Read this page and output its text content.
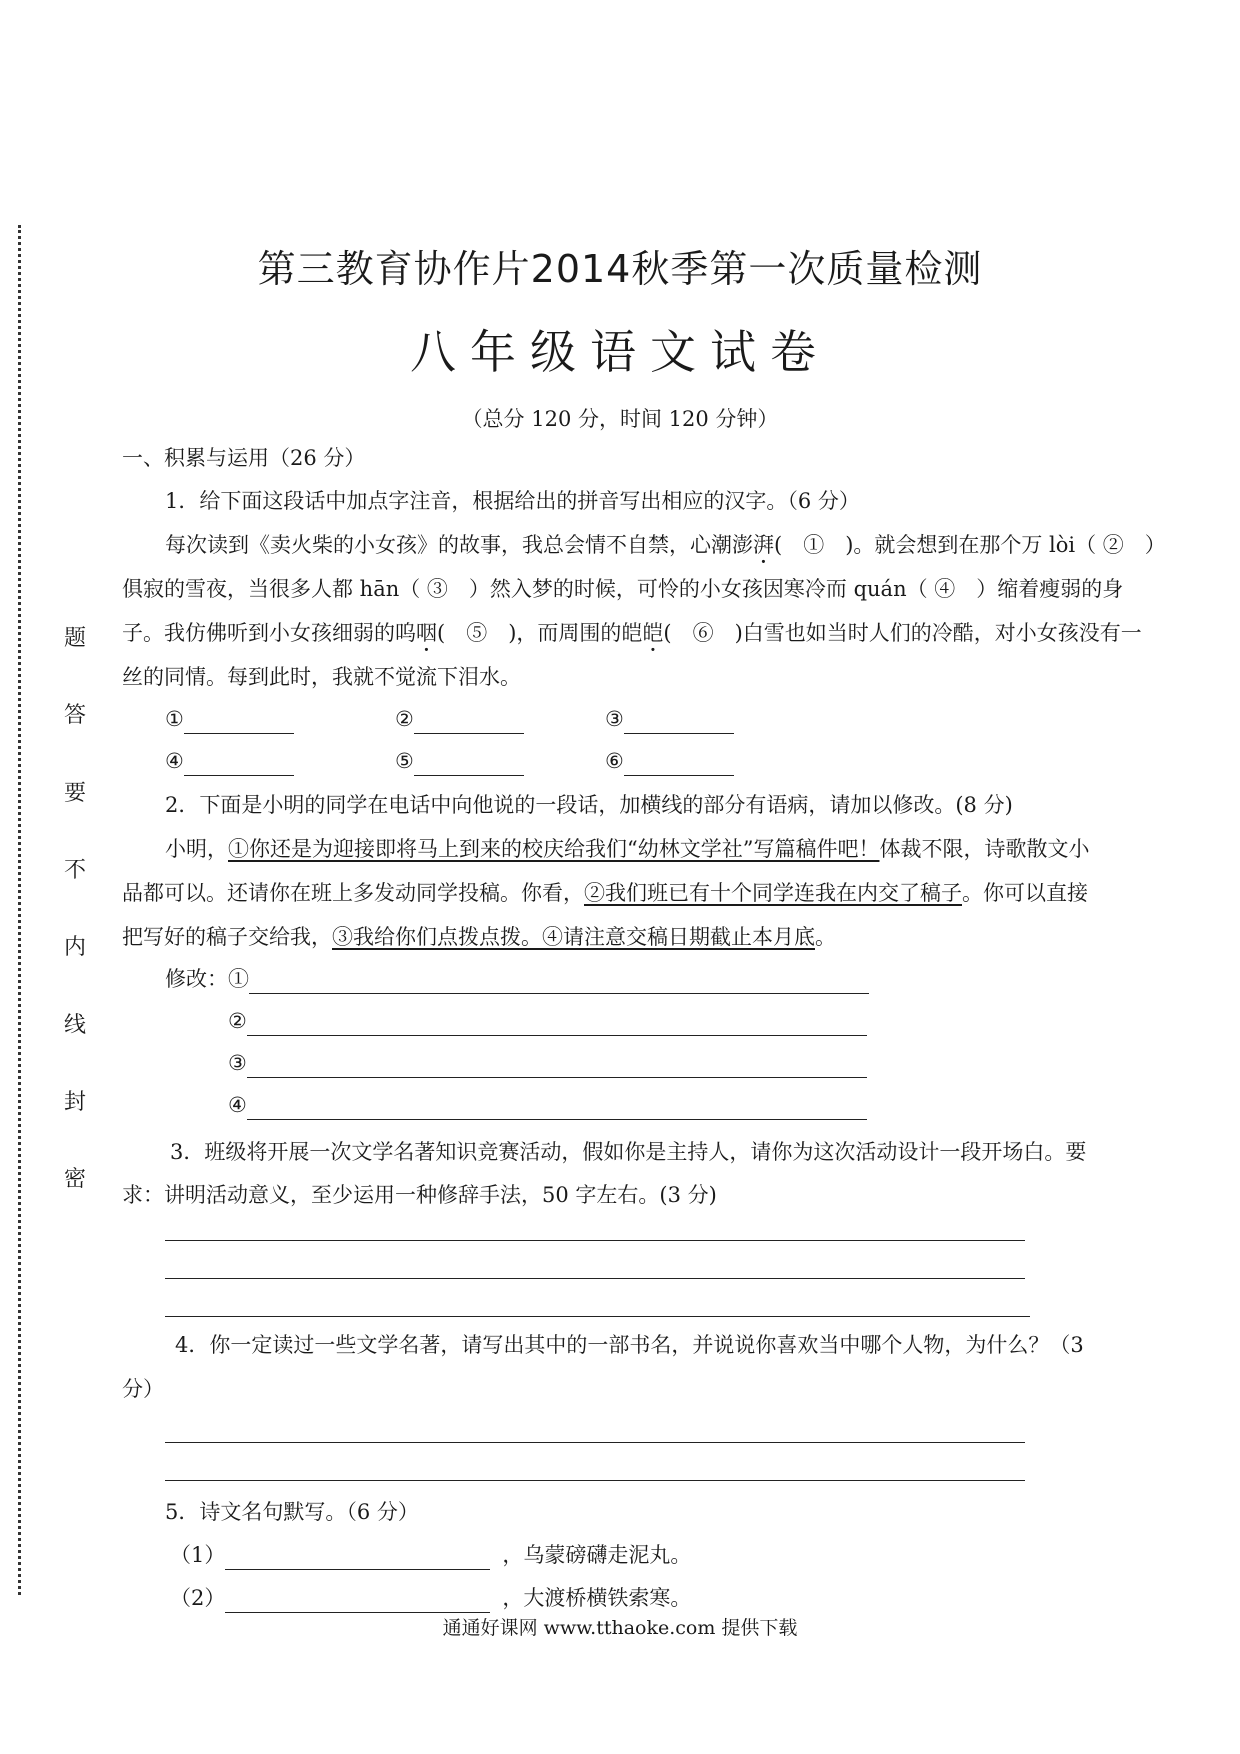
题
答
要
不
内
线
封
密
第三教育协作片2014秋季第一次质量检测
八年级语文试卷
（总分 120 分，时间 120 分钟）
一、积累与运用（26 分）
1．给下面这段话中加点字注音，根据给出的拼音写出相应的汉字。（6 分）
每次读到《卖火柴的小女孩》的故事，我总会情不自禁，心潮澎湃(　①　)。就会想到在那个万 lòi（ ②　）
俱寂的雪夜，当很多人都 hān（ ③　）然入梦的时候，可怜的小女孩因寒冷而 quán（ ④　）缩着瘦弱的身
子。我仿佛听到小女孩细弱的呜咽(　⑤　)，而周围的皑皑(　⑥　)白雪也如当时人们的冷酷，对小女孩没有一
丝的同情。每到此时，我就不觉流下泪水。
①	②	③
④	⑤	⑥
2．下面是小明的同学在电话中向他说的一段话，加横线的部分有语病，请加以修改。(8 分)
小明，①你还是为迎接即将马上到来的校庆给我们“幼林文学社”写篇稿件吧！体裁不限，诗歌散文小
品都可以。还请你在班上多发动同学投稿。你看，②我们班已有十个同学连我在内交了稿子。你可以直接
把写好的稿子交给我，③我给你们点拨点拨。④请注意交稿日期截止本月底。
修改：①
②
③
④
3．班级将开展一次文学名著知识竞赛活动，假如你是主持人，请你为这次活动设计一段开场白。要
求：讲明活动意义，至少运用一种修辞手法，50 字左右。(3 分)
4．你一定读过一些文学名著，请写出其中的一部书名，并说说你喜欢当中哪个人物，为什么？（3
分）
5．诗文名句默写。（6 分）
（1）	，乌蒙磅礴走泥丸。
（2）	，大渡桥横铁索寒。
通通好课网 www.tthaoke.com 提供下载
